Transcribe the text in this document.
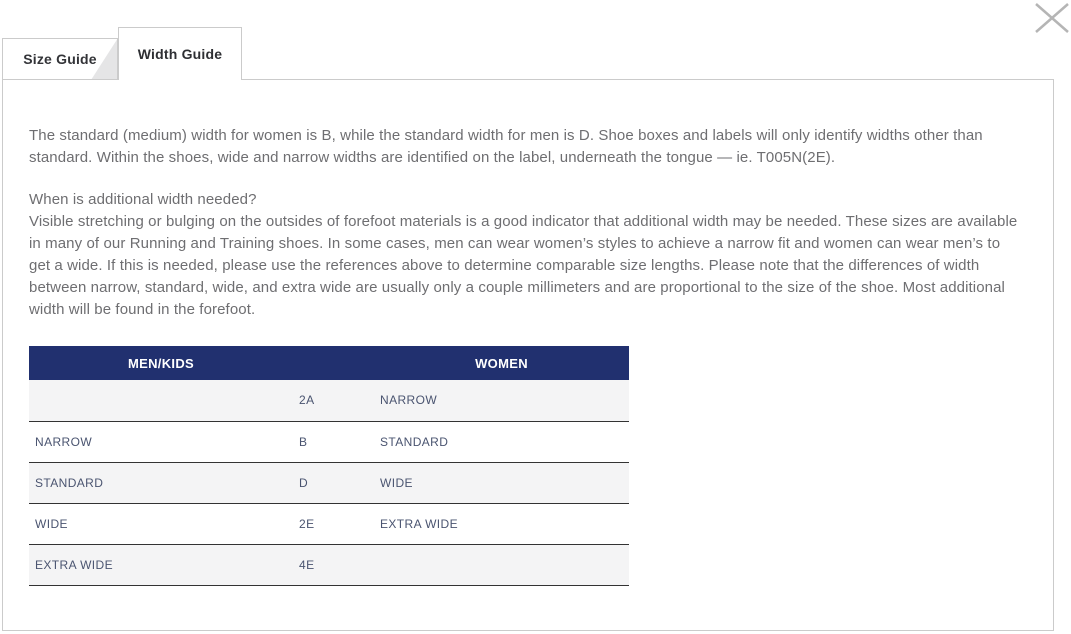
Size Guide	Width Guide

The standard (medium) width for women is B, while the standard width for men is D. Shoe boxes and labels will only identify widths other than standard. Within the shoes, wide and narrow widths are identified on the label, underneath the tongue — ie. T005N(2E).

When is additional width needed?
Visible stretching or bulging on the outsides of forefoot materials is a good indicator that additional width may be needed. These sizes are available in many of our Running and Training shoes. In some cases, men can wear women’s styles to achieve a narrow fit and women can wear men’s to get a wide. If this is needed, please use the references above to determine comparable size lengths. Please note that the differences of width between narrow, standard, wide, and extra wide are usually only a couple millimeters and are proportional to the size of the shoe. Most additional width will be found in the forefoot.
MEN/KIDS		WOMEN
	2A	NARROW
NARROW	B	STANDARD
STANDARD	D	WIDE
WIDE	2E	EXTRA WIDE
EXTRA WIDE	4E	
